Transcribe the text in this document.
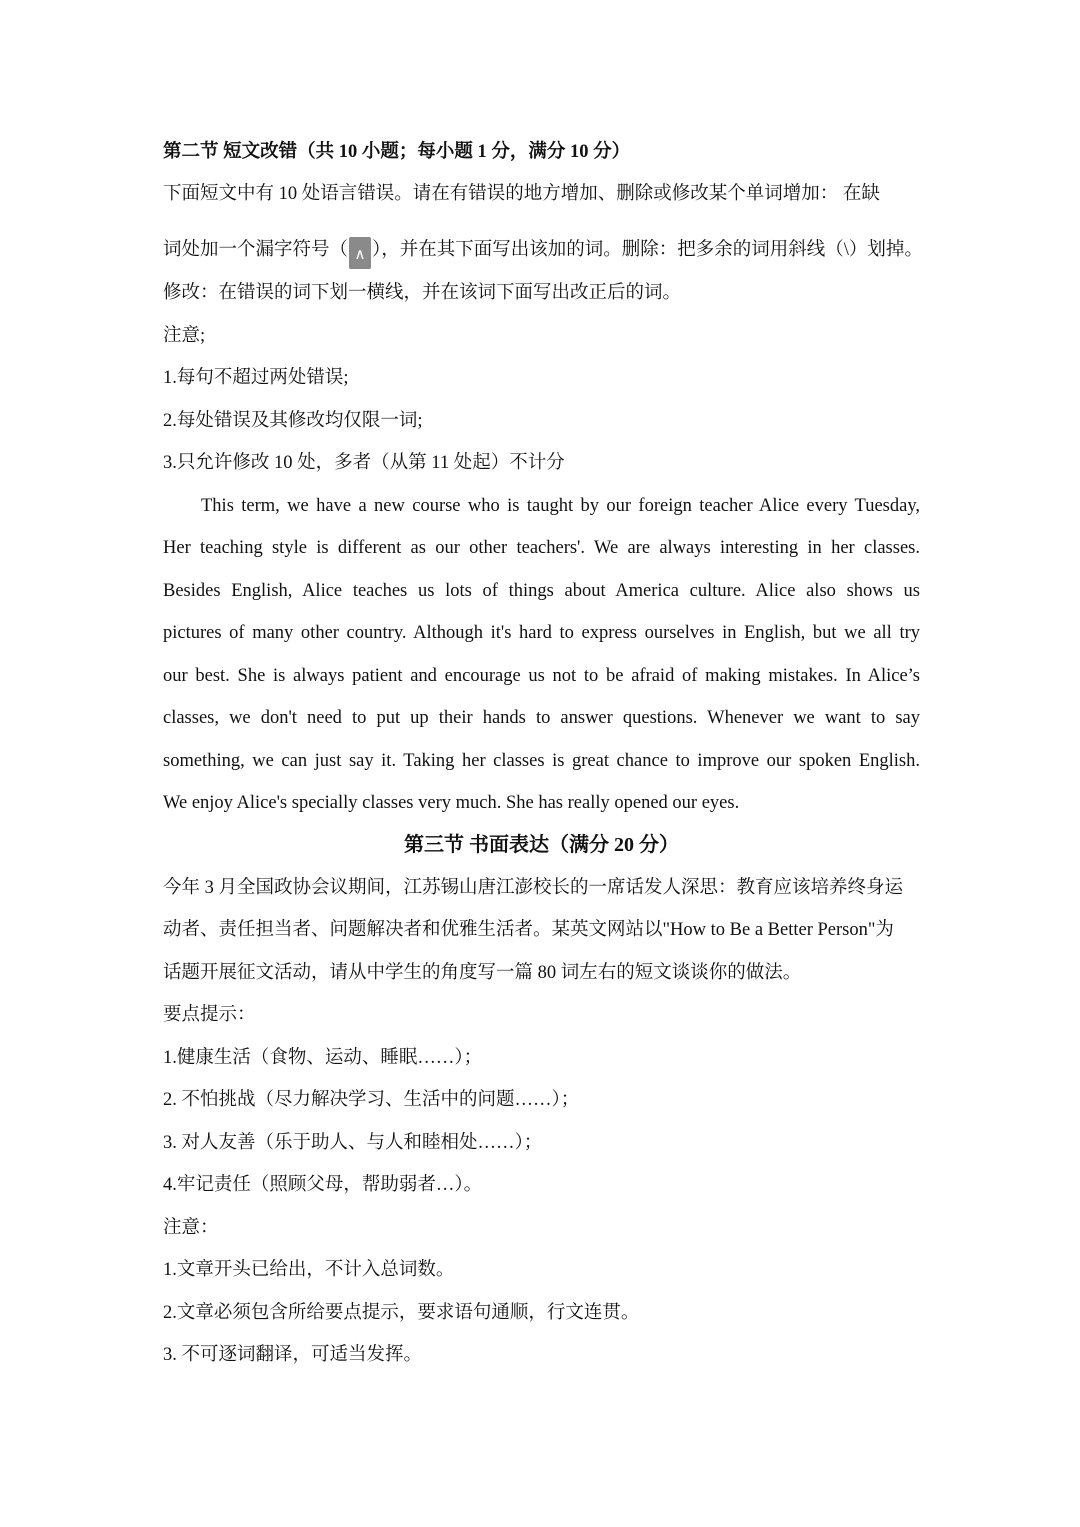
第二节 短文改错（共 10 小题；每小题 1 分，满分 10 分）
下面短文中有 10 处语言错误。请在有错误的地方增加、删除或修改某个单词增加： 在缺
词处加一个漏字符号（ ∧ ），并在其下面写出该加的词。删除：把多余的词用斜线（\）划掉。
修改：在错误的词下划一横线，并在该词下面写出改正后的词。
注意;
1.每句不超过两处错误;
2.每处错误及其修改均仅限一词;
3.只允许修改 10 处，多者（从第 11 处起）不计分
This term, we have a new course who is taught by our foreign teacher Alice every Tuesday,
Her teaching style is different as our other teachers'. We are always interesting in her classes.
Besides English, Alice teaches us lots of things about America culture. Alice also shows us
pictures of many other country. Although it's hard to express ourselves in English, but we all try
our best. She is always patient and encourage us not to be afraid of making mistakes. In Alice’s
classes, we don't need to put up their hands to answer questions. Whenever we want to say
something, we can just say it. Taking her classes is great chance to improve our spoken English.
We enjoy Alice's specially classes very much. She has really opened our eyes.
第三节 书面表达（满分 20 分）
今年 3 月全国政协会议期间，江苏锡山唐江澎校长的一席话发人深思：教育应该培养终身运
动者、责任担当者、问题解决者和优雅生活者。某英文网站以"How to Be a Better Person"为
话题开展征文活动，请从中学生的角度写一篇 80 词左右的短文谈谈你的做法。
要点提示：
1.健康生活（食物、运动、睡眠……）；
2. 不怕挑战（尽力解决学习、生活中的问题……）；
3. 对人友善（乐于助人、与人和睦相处……）；
4.牢记责任（照顾父母，帮助弱者…）。
注意：
1.文章开头已给出，不计入总词数。
2.文章必须包含所给要点提示，要求语句通顺，行文连贯。
3. 不可逐词翻译，可适当发挥。
